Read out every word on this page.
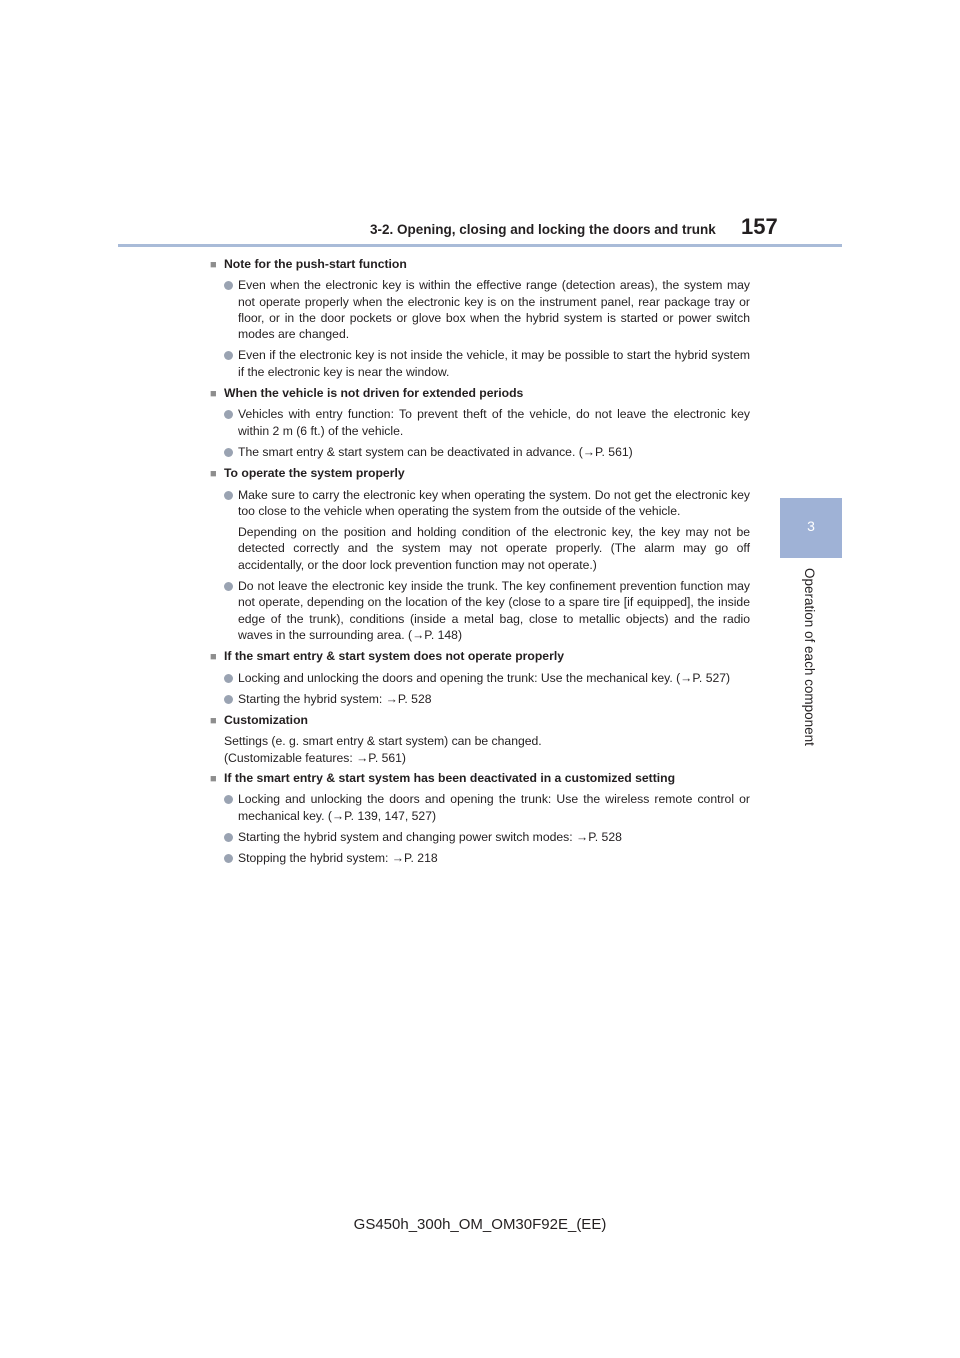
3-2. Opening, closing and locking the doors and trunk 157
3
Operation of each component
■ Note for the push-start function

Even when the electronic key is within the effective range (detection areas), the system may not operate properly when the electronic key is on the instrument panel, rear package tray or floor, or in the door pockets or glove box when the hybrid system is started or power switch modes are changed.

Even if the electronic key is not inside the vehicle, it may be possible to start the hybrid system if the electronic key is near the window.

■ When the vehicle is not driven for extended periods

Vehicles with entry function: To prevent theft of the vehicle, do not leave the electronic key within 2 m (6 ft.) of the vehicle.

The smart entry & start system can be deactivated in advance. (→P. 561)

■ To operate the system properly

Make sure to carry the electronic key when operating the system. Do not get the electronic key too close to the vehicle when operating the system from the outside of the vehicle.

Depending on the position and holding condition of the electronic key, the key may not be detected correctly and the system may not operate properly. (The alarm may go off accidentally, or the door lock prevention function may not operate.)

Do not leave the electronic key inside the trunk. The key confinement prevention function may not operate, depending on the location of the key (close to a spare tire [if equipped], the inside edge of the trunk), conditions (inside a metal bag, close to metallic objects) and the radio waves in the surrounding area. (→P. 148)

■ If the smart entry & start system does not operate properly

Locking and unlocking the doors and opening the trunk: Use the mechanical key. (→P. 527)

Starting the hybrid system: →P. 528

■ Customization

Settings (e. g. smart entry & start system) can be changed.

(Customizable features: →P. 561)

■ If the smart entry & start system has been deactivated in a customized setting

Locking and unlocking the doors and opening the trunk: Use the wireless remote control or mechanical key. (→P. 139, 147, 527)

Starting the hybrid system and changing power switch modes: →P. 528

Stopping the hybrid system: →P. 218

GS450h_300h_OM_OM30F92E_(EE)
